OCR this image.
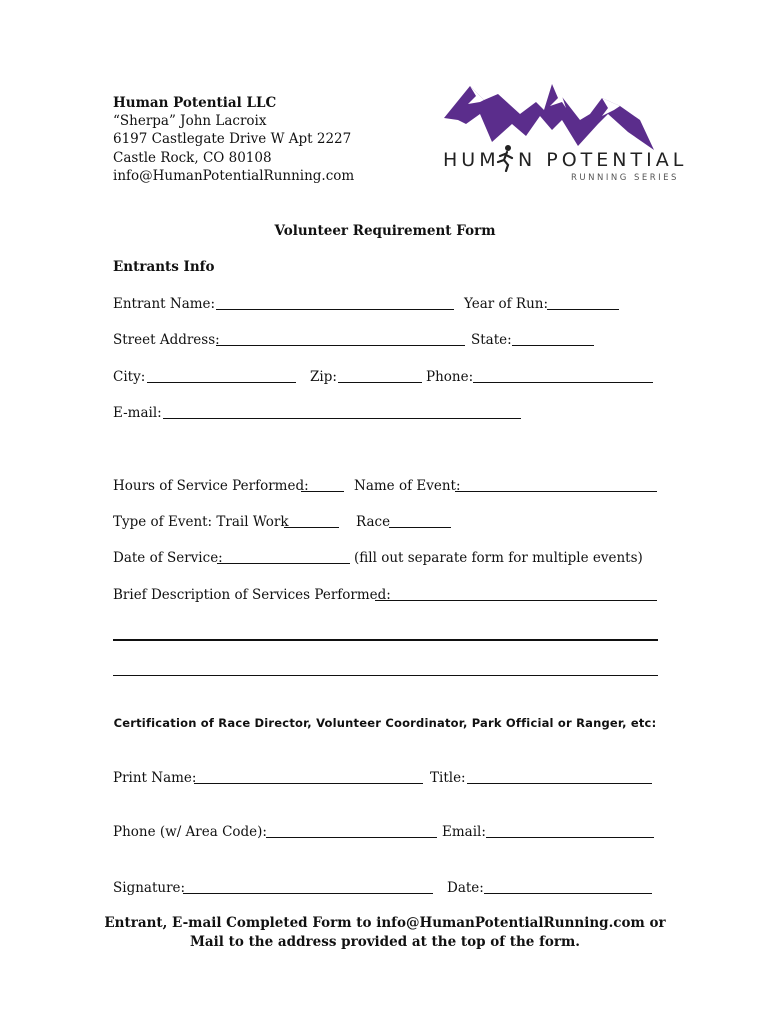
Human Potential LLC
“Sherpa” John Lacroix
6197 Castlegate Drive W Apt 2227
Castle Rock, CO 80108
info@HumanPotentialRunning.com
HUM N POTENTIAL
RUNNING SERIES
Volunteer Requirement Form
Entrants Info
Entrant Name:	Year of Run:
Street Address:	State:
City:	Zip:	Phone:
E-mail:
Hours of Service Performed:	Name of Event:
Type of Event: Trail Work	Race
Date of Service:	(fill out separate form for multiple events)
Brief Description of Services Performed:
Certification of Race Director, Volunteer Coordinator, Park Official or Ranger, etc:
Print Name:	Title:
Phone (w/ Area Code):	Email:
Signature:	Date:
Entrant, E-mail Completed Form to info@HumanPotentialRunning.com or
Mail to the address provided at the top of the form.
